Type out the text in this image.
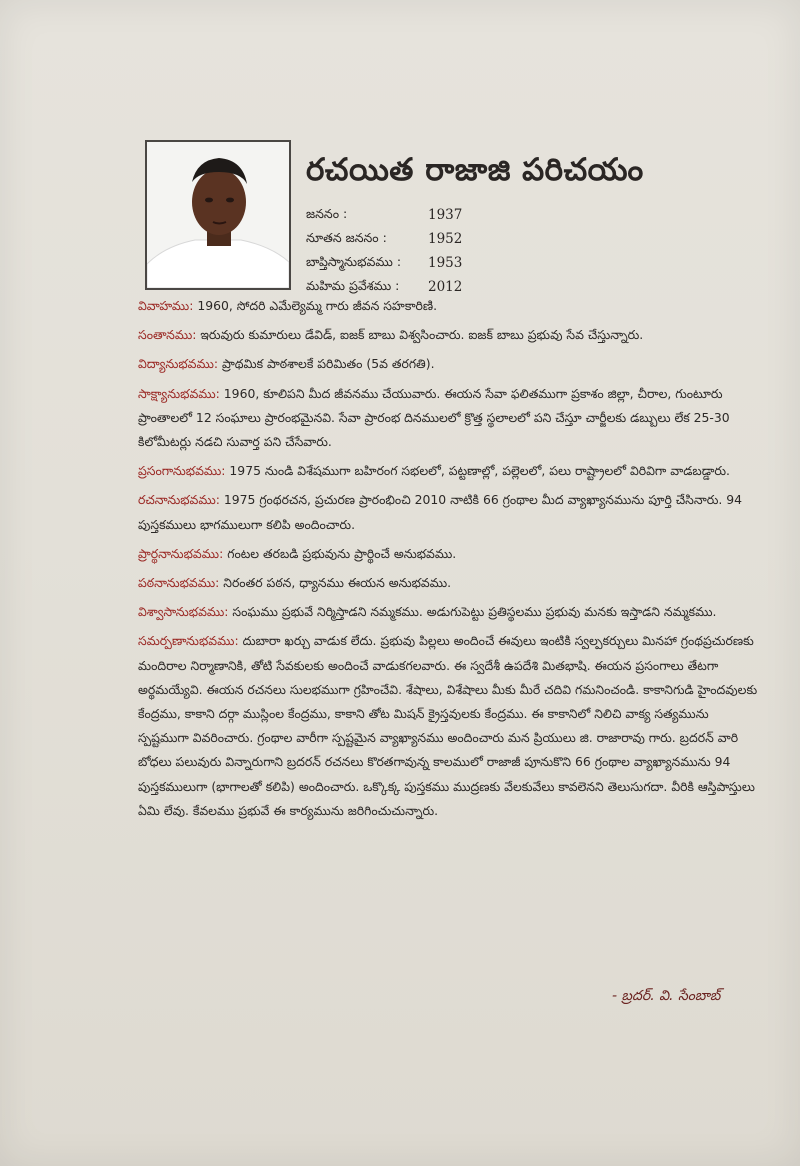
రచయిత రాజాజి పరిచయం
జననం :	1937
నూతన జననం :	1952
బాప్తిస్మానుభవము :	1953
మహిమ ప్రవేశము :	2012

వివాహము: 1960, సోదరి ఎమేల్యెమ్మ గారు జీవన సహకారిణి.

సంతానము: ఇరువురు కుమారులు డేవిడ్, ఐజక్ బాబు విశ్వసించారు. ఐజక్ బాబు ప్రభువు సేవ చేస్తున్నారు.

విద్యానుభవము: ప్రాథమిక పాఠశాలకే పరిమితం (5వ తరగతి).

సాక్ష్యానుభవము: 1960, కూలిపని మీద జీవనము చేయువారు. ఈయన సేవా ఫలితముగా ప్రకాశం జిల్లా, చీరాల, గుంటూరు ప్రాంతాలలో 12 సంఘాలు ప్రారంభమైనవి. సేవా ప్రారంభ దినములలో క్రొత్త స్థలాలలో పని చేస్తూ చార్జీలకు డబ్బులు లేక 25-30 కిలోమీటర్లు నడచి సువార్త పని చేసేవారు.

ప్రసంగానుభవము: 1975 నుండి విశేషముగా బహిరంగ సభలలో, పట్టణాల్లో, పల్లెలలో, పలు రాష్ట్రాలలో విరివిగా వాడబడ్డారు.

రచనానుభవము: 1975 గ్రంథరచన, ప్రచురణ ప్రారంభించి 2010 నాటికి 66 గ్రంథాల మీద వ్యాఖ్యానమును పూర్తి చేసినారు. 94 పుస్తకములు భాగములుగా కలిపి అందించారు.

ప్రార్థనానుభవము: గంటల తరబడి ప్రభువును ప్రార్థించే అనుభవము.

పఠనానుభవము: నిరంతర పఠన, ధ్యానము ఈయన అనుభవము.

విశ్వాసానుభవము: సంఘము ప్రభువే నిర్మిస్తాడని నమ్మకము. అడుగుపెట్టు ప్రతిస్థలము ప్రభువు మనకు ఇస్తాడని నమ్మకము.

సమర్పణానుభవము: దుబారా ఖర్చు వాడుక లేదు. ప్రభువు పిల్లలు అందించే ఈవులు ఇంటికి స్వల్పకర్చులు మినహా గ్రంథప్రచురణకు మందిరాల నిర్మాణానికి, తోటి సేవకులకు అందించే వాడుకగలవారు. ఈ స్వదేశీ ఉపదేశి మితభాషి. ఈయన ప్రసంగాలు తేటగా అర్థమయ్యేవి. ఈయన రచనలు సులభముగా గ్రహించేవి. శేషాలు, విశేషాలు మీకు మీరే చదివి గమనించండి. కాకానిగుడి హైందవులకు కేంద్రము, కాకాని దర్గా ముస్లింల కేంద్రము, కాకాని తోట మిషన్ క్రైస్తవులకు కేంద్రము. ఈ కాకానిలో నిలిచి వాక్య సత్యమును స్పష్టముగా వివరించారు. గ్రంథాల వారీగా స్పష్టమైన వ్యాఖ్యానము అందించారు మన ప్రియులు జి. రాజారావు గారు. బ్రదరన్ వారి బోధలు పలువురు విన్నారుగాని బ్రదరన్ రచనలు కొరతగావున్న కాలములో రాజాజీ పూనుకొని 66 గ్రంథాల వ్యాఖ్యానమును 94 పుస్తకములుగా (భాగాలతో కలిపి) అందించారు. ఒక్కొక్క పుస్తకము ముద్రణకు వేలకువేలు కావలెనని తెలుసుగదా. వీరికి ఆస్తిపాస్తులు ఏమి లేవు. కేవలము ప్రభువే ఈ కార్యమును జరిగించుచున్నారు.

- బ్రదర్. వి. సేంబాబ్
